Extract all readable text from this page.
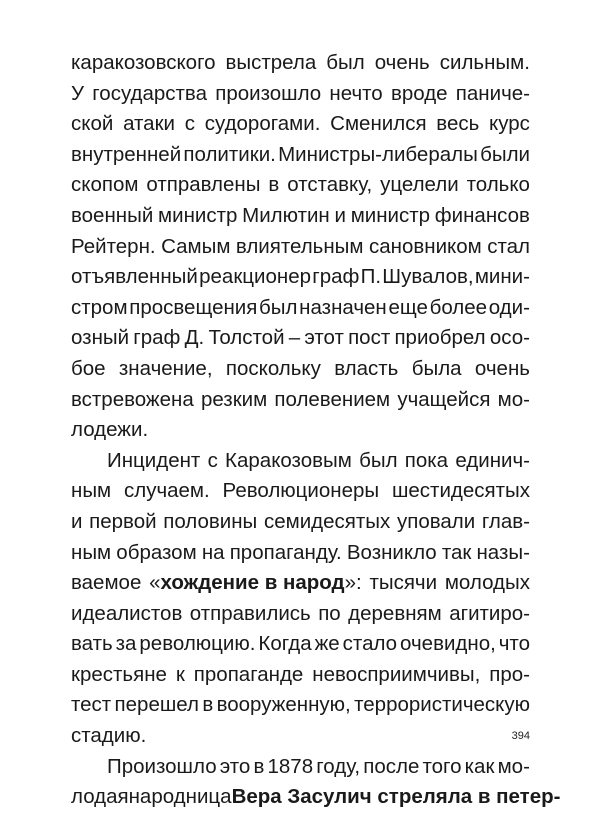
каракозовского выстрела был очень сильным.
У государства произошло нечто вроде паниче-
ской атаки с судорогами. Сменился весь курс
внутренней политики. Министры-либералы были
скопом отправлены в отставку, уцелели только
военный министр Милютин и министр финансов
Рейтерн. Самым влиятельным сановником стал
отъявленный реакционер граф П. Шувалов, мини-
стром просвещения был назначен еще более оди-
озный граф Д. Толстой – этот пост приобрел осо-
бое значение, поскольку власть была очень
встревожена резким полевением учащейся мо-
лодежи.
Инцидент с Каракозовым был пока единич-
ным случаем. Революционеры шестидесятых
и первой половины семидесятых уповали глав-
ным образом на пропаганду. Возникло так назы-
ваемое «хождение в народ»: тысячи молодых
идеалистов отправились по деревням агитиро-
вать за революцию. Когда же стало очевидно, что
крестьяне к пропаганде невосприимчивы, про-
тест перешел в вооруженную, террористическую
стадию.
Произошло это в 1878 году, после того как мо-
лодая народница Вера Засулич стреляла в петер-
394
